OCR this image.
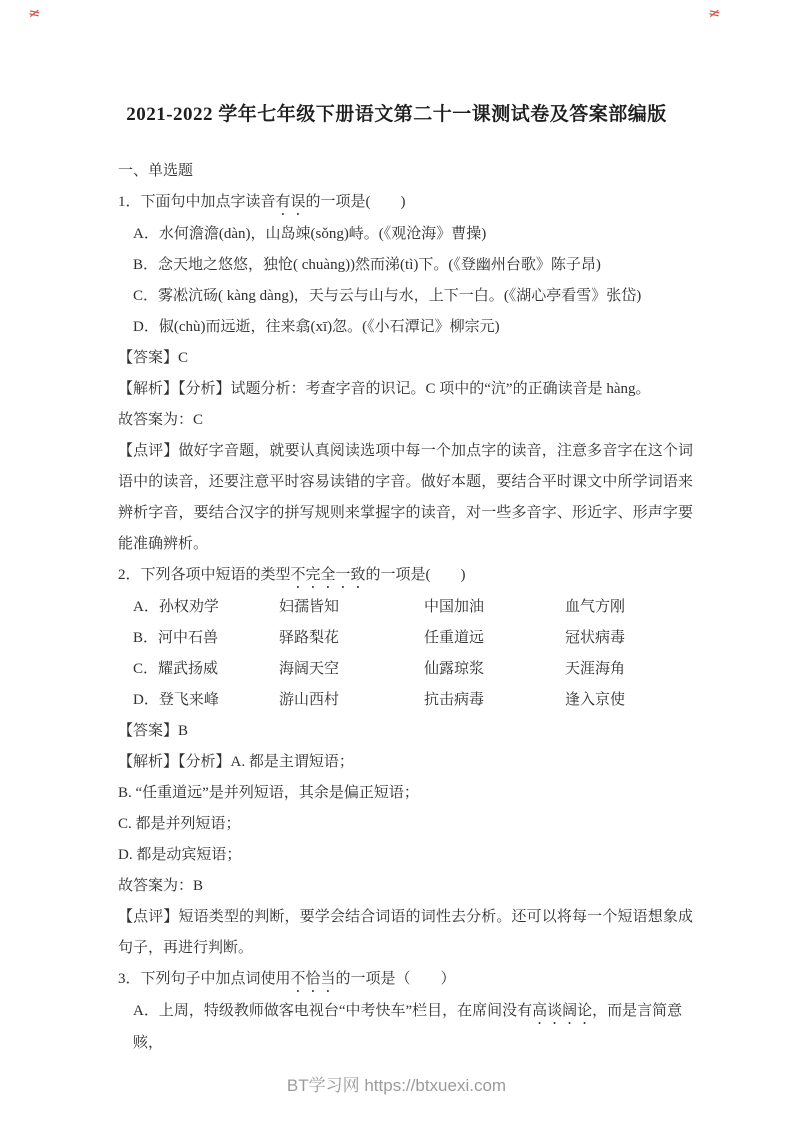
≠	≠
2021-2022 学年七年级下册语文第二十一课测试卷及答案部编版

一、单选题

1．下面句中加点字读音有误的一项是(　　)

A．水何澹澹(dàn)，山岛竦(sǒng)峙。(《观沧海》曹操)

B．念天地之悠悠，独怆( chuàng))然而涕(tì)下。(《登幽州台歌》陈子昂)

C．雾凇沆砀( kàng dàng)，天与云与山与水，上下一白。(《湖心亭看雪》张岱)

D．俶(chù)而远逝，往来翕(xī)忽。(《小石潭记》柳宗元)

【答案】C

【解析】【分析】试题分析：考查字音的识记。C 项中的“沆”的正确读音是 hàng。

故答案为：C

【点评】做好字音题，就要认真阅读选项中每一个加点字的读音，注意多音字在这个词语中的读音，还要注意平时容易读错的字音。做好本题，要结合平时课文中所学词语来辨析字音，要结合汉字的拼写规则来掌握字的读音，对一些多音字、形近字、形声字要能准确辨析。

2．下列各项中短语的类型不完全一致的一项是(　　)

A．孙权劝学	妇孺皆知	中国加油	血气方刚
B．河中石兽	驿路梨花	任重道远	冠状病毒
C．耀武扬威	海阔天空	仙露琼浆	天涯海角
D．登飞来峰	游山西村	抗击病毒	逢入京使

【答案】B

【解析】【分析】A. 都是主谓短语；

B. “任重道远”是并列短语，其余是偏正短语；

C. 都是并列短语；

D. 都是动宾短语；

故答案为：B

【点评】短语类型的判断，要学会结合词语的词性去分析。还可以将每一个短语想象成句子，再进行判断。

3．下列句子中加点词使用不恰当的一项是（　　）

A．上周，特级教师做客电视台“中考快车”栏目，在席间没有高谈阔论，而是言简意赅，

BT学习网 https://btxuexi.com
